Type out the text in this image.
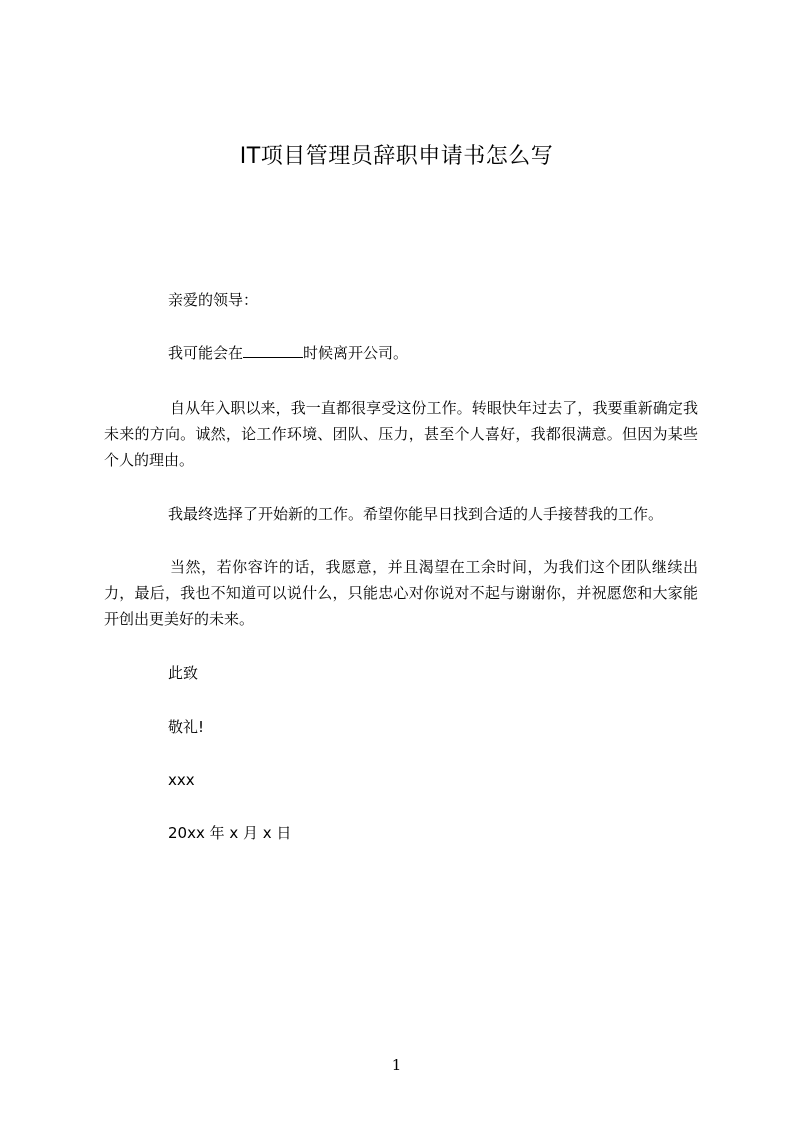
IT项目管理员辞职申请书怎么写
亲爱的领导：
我可能会在	时候离开公司。
自从年入职以来，我一直都很享受这份工作。转眼快年过去了，我要重新确定我未来的方向。诚然，论工作环境、团队、压力，甚至个人喜好，我都很满意。但因为某些个人的理由。
我最终选择了开始新的工作。希望你能早日找到合适的人手接替我的工作。
当然，若你容许的话，我愿意，并且渴望在工余时间，为我们这个团队继续出力，最后，我也不知道可以说什么，只能忠心对你说对不起与谢谢你，并祝愿您和大家能开创出更美好的未来。
此致
敬礼!
xxx
20xx 年 x 月 x 日
1
